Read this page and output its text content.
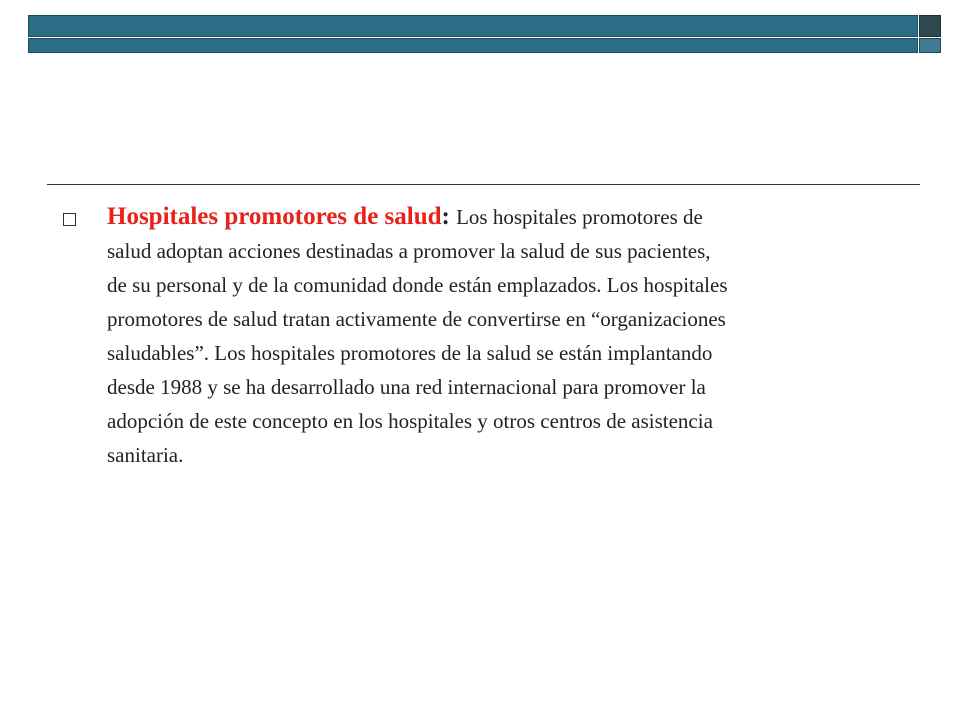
Hospitales promotores de salud: Los hospitales promotores de
salud adoptan acciones destinadas a promover la salud de sus pacientes,
de su personal y de la comunidad donde están emplazados. Los hospitales
promotores de salud tratan activamente de convertirse en “organizaciones
saludables”. Los hospitales promotores de la salud se están implantando
desde 1988 y se ha desarrollado una red internacional para promover la
adopción de este concepto en los hospitales y otros centros de asistencia
sanitaria.
